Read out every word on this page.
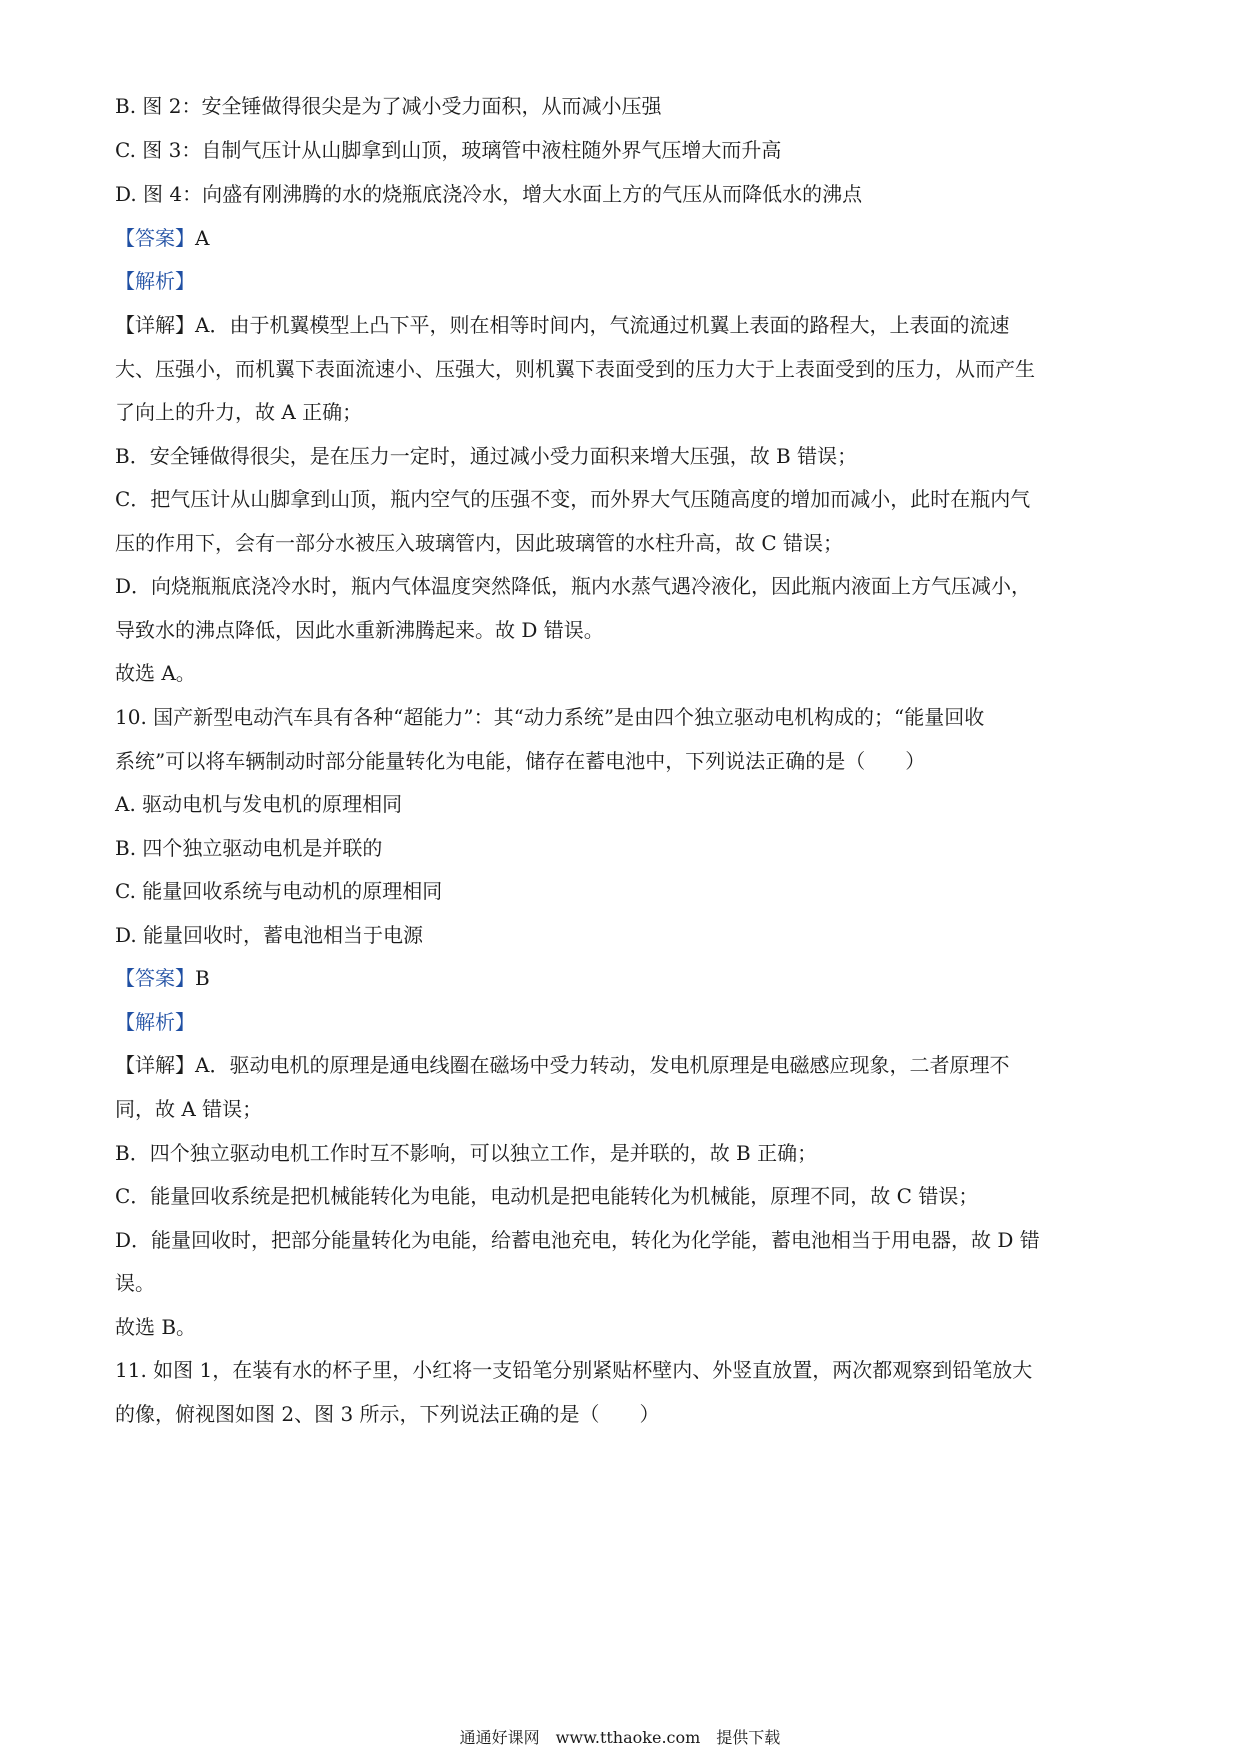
B. 图 2：安全锤做得很尖是为了减小受力面积，从而减小压强
C. 图 3：自制气压计从山脚拿到山顶，玻璃管中液柱随外界气压增大而升高
D. 图 4：向盛有刚沸腾的水的烧瓶底浇冷水，增大水面上方的气压从而降低水的沸点
【答案】A
【解析】
【详解】A．由于机翼模型上凸下平，则在相等时间内，气流通过机翼上表面的路程大，上表面的流速
大、压强小，而机翼下表面流速小、压强大，则机翼下表面受到的压力大于上表面受到的压力，从而产生
了向上的升力，故 A 正确；
B．安全锤做得很尖，是在压力一定时，通过减小受力面积来增大压强，故 B 错误；
C．把气压计从山脚拿到山顶，瓶内空气的压强不变，而外界大气压随高度的增加而减小，此时在瓶内气
压的作用下，会有一部分水被压入玻璃管内，因此玻璃管的水柱升高，故 C 错误；
D．向烧瓶瓶底浇冷水时，瓶内气体温度突然降低，瓶内水蒸气遇冷液化，因此瓶内液面上方气压减小，
导致水的沸点降低，因此水重新沸腾起来。故 D 错误。
故选 A。
10. 国产新型电动汽车具有各种“超能力”：其“动力系统”是由四个独立驱动电机构成的；“能量回收
系统”可以将车辆制动时部分能量转化为电能，储存在蓄电池中，下列说法正确的是（　　）
A. 驱动电机与发电机的原理相同
B. 四个独立驱动电机是并联的
C. 能量回收系统与电动机的原理相同
D. 能量回收时，蓄电池相当于电源
【答案】B
【解析】
【详解】A．驱动电机的原理是通电线圈在磁场中受力转动，发电机原理是电磁感应现象，二者原理不
同，故 A 错误；
B．四个独立驱动电机工作时互不影响，可以独立工作，是并联的，故 B 正确；
C．能量回收系统是把机械能转化为电能，电动机是把电能转化为机械能，原理不同，故 C 错误；
D．能量回收时，把部分能量转化为电能，给蓄电池充电，转化为化学能，蓄电池相当于用电器，故 D 错
误。
故选 B。
11. 如图 1，在装有水的杯子里，小红将一支铅笔分别紧贴杯壁内、外竖直放置，两次都观察到铅笔放大
的像，俯视图如图 2、图 3 所示，下列说法正确的是（　　）
通通好课网　www.tthaoke.com　提供下载
